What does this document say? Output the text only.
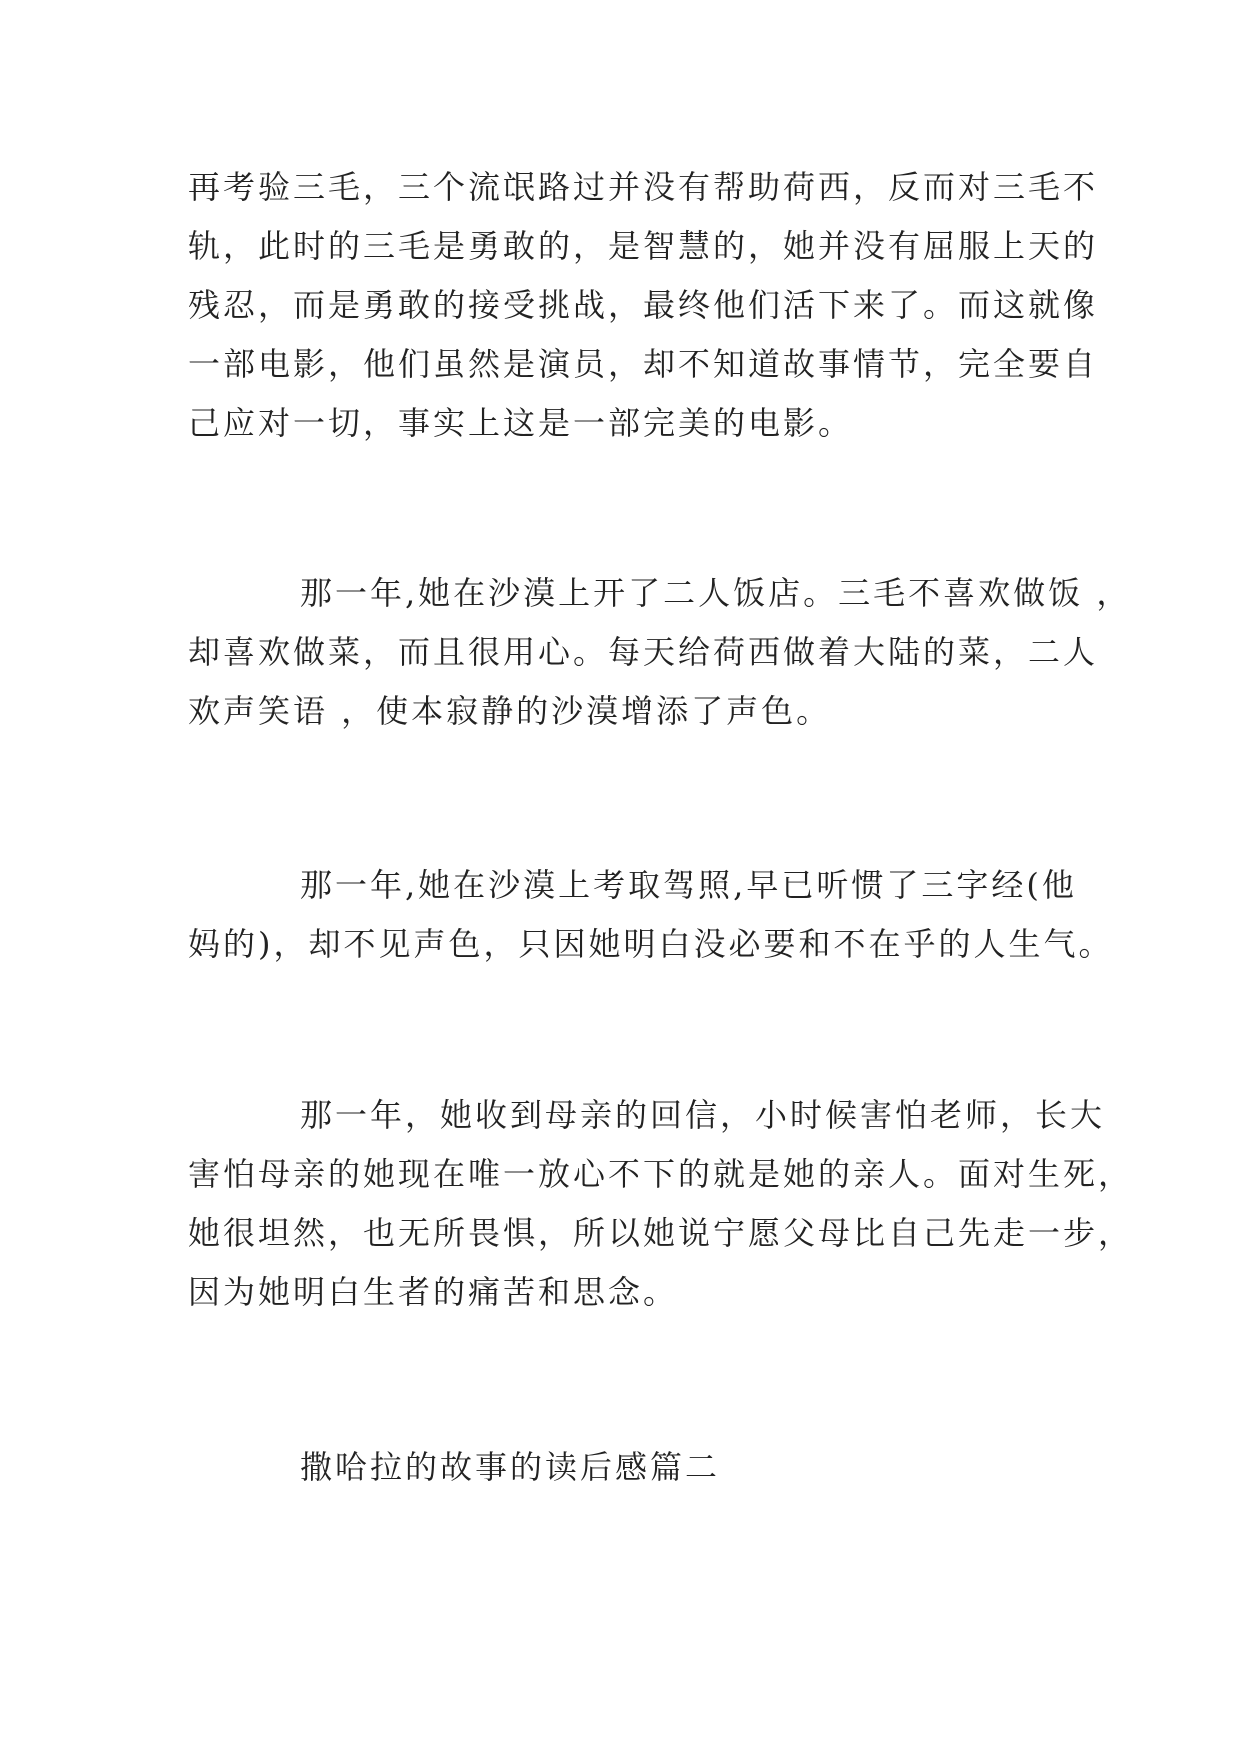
再考验三毛，三个流氓路过并没有帮助荷西，反而对三毛不
轨，此时的三毛是勇敢的，是智慧的，她并没有屈服上天的
残忍，而是勇敢的接受挑战，最终他们活下来了。而这就像
一部电影，他们虽然是演员，却不知道故事情节，完全要自
己应对一切，事实上这是一部完美的电影。

那一年,她在沙漠上开了二人饭店。三毛不喜欢做饭 ，
却喜欢做菜，而且很用心。每天给荷西做着大陆的菜，二人
欢声笑语 ，使本寂静的沙漠增添了声色。

那一年,她在沙漠上考取驾照,早已听惯了三字经(他
妈的)，却不见声色，只因她明白没必要和不在乎的人生气。

那一年，她收到母亲的回信，小时候害怕老师，长大
害怕母亲的她现在唯一放心不下的就是她的亲人。面对生死，
她很坦然，也无所畏惧，所以她说宁愿父母比自己先走一步，
因为她明白生者的痛苦和思念。

撒哈拉的故事的读后感篇二
